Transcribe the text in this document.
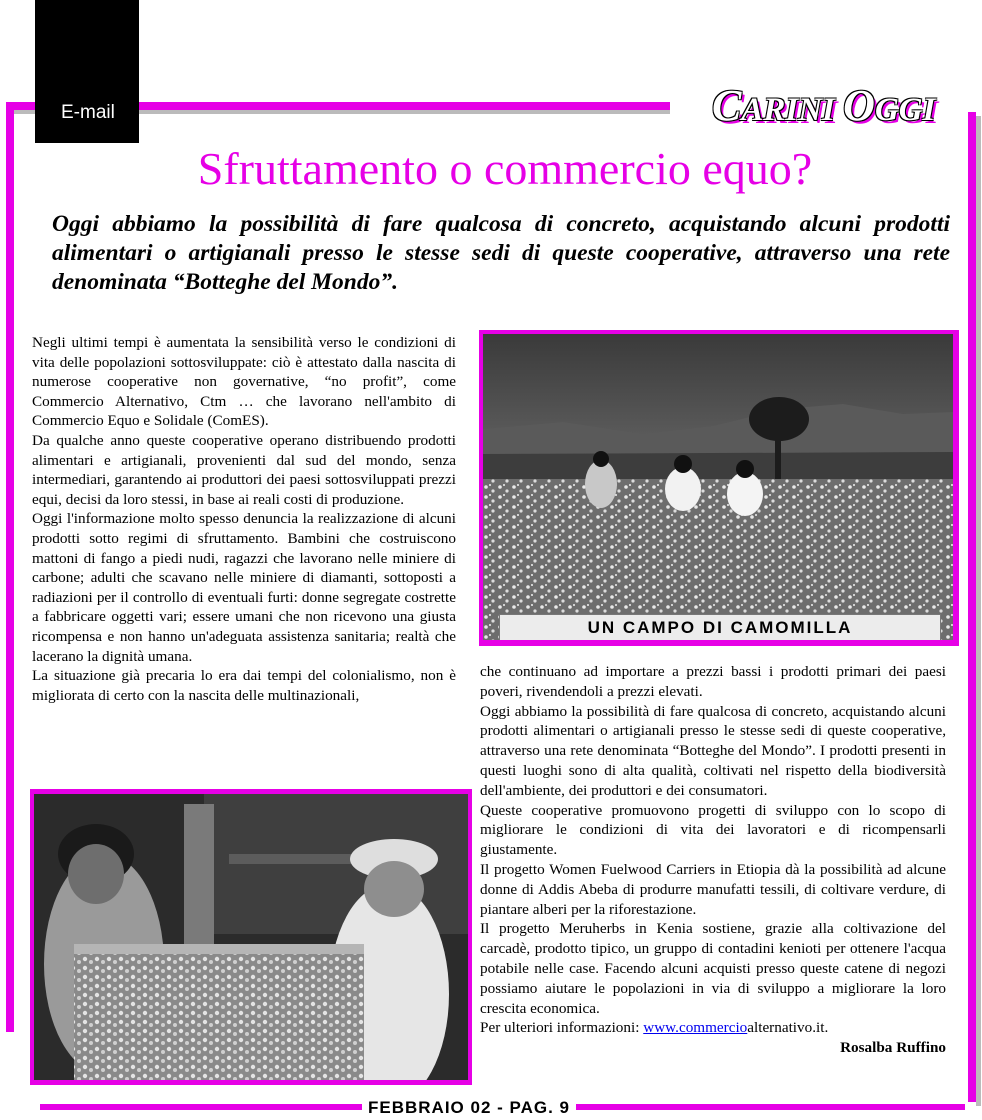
E-mail	CARINI OGGI
Sfruttamento o commercio equo?
Oggi abbiamo la possibilità di fare qualcosa di concreto, acquistando alcuni prodotti alimentari o artigianali presso le stesse sedi di queste cooperative, attraverso una rete denominata “Botteghe del Mondo”.

Negli ultimi tempi è aumentata la sensibilità verso le condizioni di vita delle popolazioni sottosviluppate: ciò è attestato dalla nascita di numerose cooperative non governative, “no profit”, come Commercio Alternativo, Ctm … che lavorano nell'ambito di Commercio Equo e Solidale (ComES).

Da qualche anno queste cooperative operano distribuendo prodotti alimentari e artigianali, provenienti dal sud del mondo, senza intermediari, garantendo ai produttori dei paesi sottosviluppati prezzi equi, decisi da loro stessi, in base ai reali costi di produzione.

Oggi l'informazione molto spesso denuncia la realizzazione di alcuni prodotti sotto regimi di sfruttamento. Bambini che costruiscono mattoni di fango a piedi nudi, ragazzi che lavorano nelle miniere di carbone; adulti che scavano nelle miniere di diamanti, sottoposti a radiazioni per il controllo di eventuali furti: donne segregate costrette a fabbricare oggetti vari; essere umani che non ricevono una giusta ricompensa e non hanno un'adeguata assistenza sanitaria; realtà che lacerano la dignità umana.

La situazione già precaria lo era dai tempi del colonialismo, non è migliorata di certo con la nascita delle multinazionali,

UN CAMPO DI CAMOMILLA

che continuano ad importare a prezzi bassi i prodotti primari dei paesi poveri, rivendendoli a prezzi elevati.

Oggi abbiamo la possibilità di fare qualcosa di concreto, acquistando alcuni prodotti alimentari o artigianali presso le stesse sedi di queste cooperative, attraverso una rete denominata “Botteghe del Mondo”. I prodotti presenti in questi luoghi sono di alta qualità, coltivati nel rispetto della biodiversità dell'ambiente, dei produttori e dei consumatori.

Queste cooperative promuovono progetti di sviluppo con lo scopo di migliorare le condizioni di vita dei lavoratori e di ricompensarli giustamente.

Il progetto Women Fuelwood Carriers in Etiopia dà la possibilità ad alcune donne di Addis Abeba di produrre manufatti tessili, di coltivare verdure, di piantare alberi per la riforestazione.

Il progetto Meruherbs in Kenia sostiene, grazie alla coltivazione del carcadè, prodotto tipico, un gruppo di contadini kenioti per ottenere l'acqua potabile nelle case. Facendo alcuni acquisti presso queste catene di negozi possiamo aiutare le popolazioni in via di sviluppo a migliorare la loro crescita economica.

Per ulteriori informazioni: www.commercioalternativo.it.

Rosalba Ruffino

FEBBRAIO 02 - PAG. 9
